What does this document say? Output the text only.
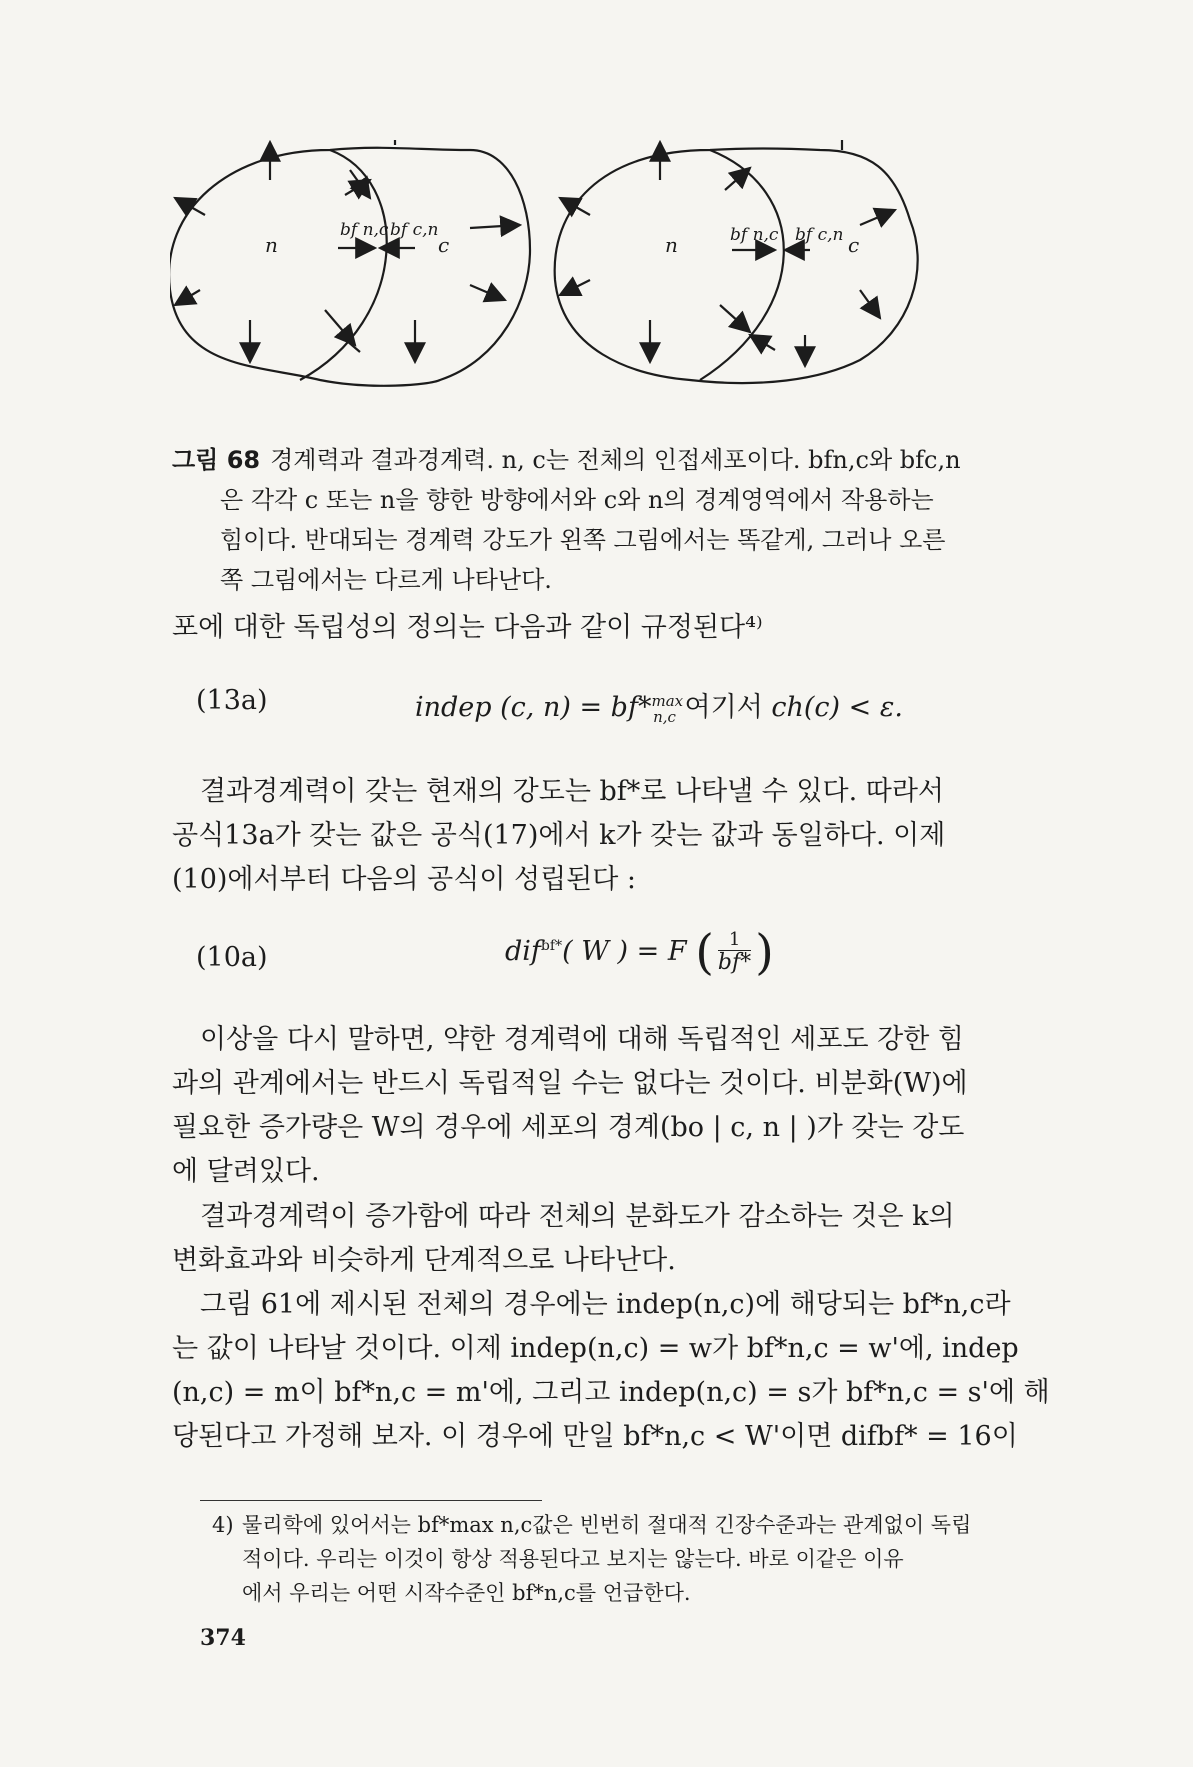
n	c
bf n,c bf c,n
n	c
bf n,c bf c,n
그림 68 경계력과 결과경계력. n, c는 전체의 인접세포이다. bfn,c와 bfc,n
은 각각 c 또는 n을 향한 방향에서와 c와 n의 경계영역에서 작용하는
힘이다. 반대되는 경계력 강도가 왼쪽 그림에서는 똑같게, 그러나 오른
쪽 그림에서는 다르게 나타난다.

포에 대한 독립성의 정의는 다음과 같이 규정된다⁴⁾

(13a)	indep (c, n) = bf*$^{max}_{n,c}$ 여기서 ch(c) < ε.
결과경계력이 갖는 현재의 강도는 bf*로 나타낼 수 있다. 따라서
공식13a가 갖는 값은 공식(17)에서 k가 갖는 값과 동일하다. 이제
(10)에서부터 다음의 공식이 성립된다 :
(10a)	dif$^{bf*}$( W ) = F ( $\frac{1}{bf*}$ )
이상을 다시 말하면, 약한 경계력에 대해 독립적인 세포도 강한 힘
과의 관계에서는 반드시 독립적일 수는 없다는 것이다. 비분화(W)에
필요한 증가량은 W의 경우에 세포의 경계(bo | c, n | )가 갖는 강도
에 달려있다.
결과경계력이 증가함에 따라 전체의 분화도가 감소하는 것은 k의
변화효과와 비슷하게 단계적으로 나타난다.
그림 61에 제시된 전체의 경우에는 indep(n,c)에 해당되는 bf*n,c라
4) 물리학에 있어서는 bf*max n,c값은 빈번히 절대적 긴장수준과는 관계없이 독립
적이다. 우리는 이것이 항상 적용된다고 보지는 않는다. 바로 이같은 이유
에서 우리는 어떤 시작수준인 bf*n,c를 언급한다.
374
는 값이 나타날 것이다. 이제 indep(n,c) = w가 bf*n,c = w'에, indep
(n,c) = m이 bf*n,c = m'에, 그리고 indep(n,c) = s가 bf*n,c = s'에 해
당된다고 가정해 보자. 이 경우에 만일 bf*n,c < W'이면 difbf* = 16이
